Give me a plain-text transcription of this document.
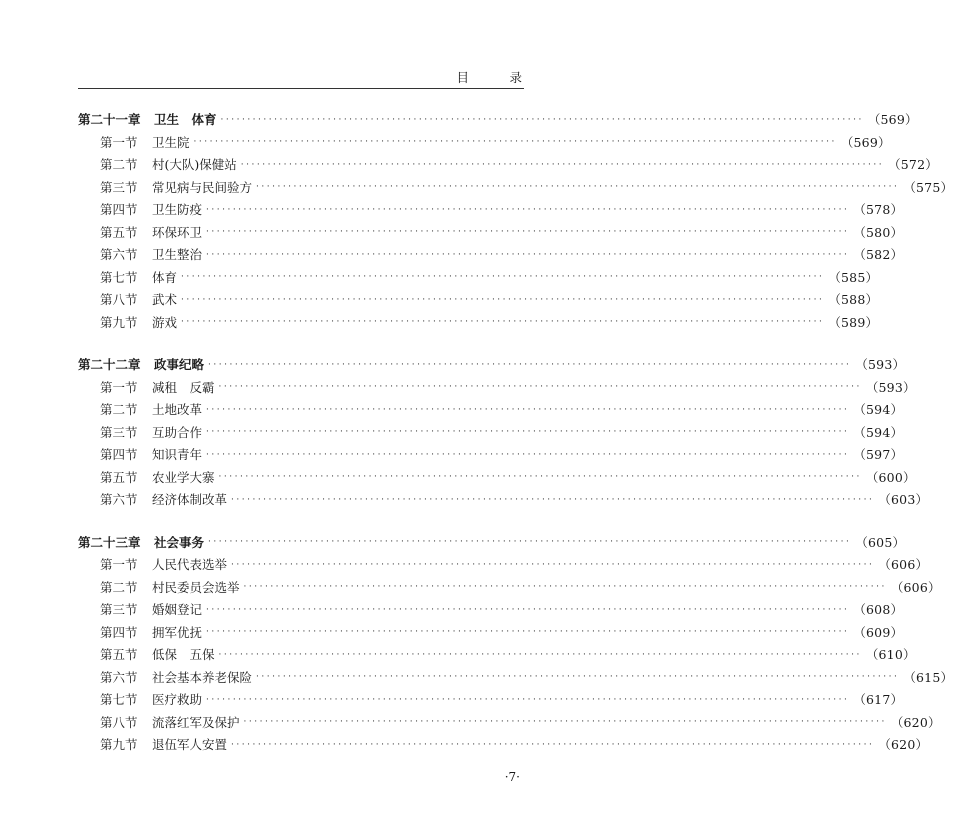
目　录
第二十一章	卫生　体育 ························································································································ （569）
第一节	卫生院 ························································································································ （569）
第二节	村(大队)保健站 ························································································································ （572）
第三节	常见病与民间验方 ························································································································ （575）
第四节	卫生防疫 ························································································································ （578）
第五节	环保环卫 ························································································································ （580）
第六节	卫生整治 ························································································································ （582）
第七节	体育 ························································································································ （585）
第八节	武术 ························································································································ （588）
第九节	游戏 ························································································································ （589）
第二十二章	政事纪略 ························································································································ （593）
第一节	减租　反霸 ························································································································ （593）
第二节	土地改革 ························································································································ （594）
第三节	互助合作 ························································································································ （594）
第四节	知识青年 ························································································································ （597）
第五节	农业学大寨 ························································································································ （600）
第六节	经济体制改革 ························································································································ （603）
第二十三章	社会事务 ························································································································ （605）
第一节	人民代表选举 ························································································································ （606）
第二节	村民委员会选举 ························································································································ （606）
第三节	婚姻登记 ························································································································ （608）
第四节	拥军优抚 ························································································································ （609）
第五节	低保　五保 ························································································································ （610）
第六节	社会基本养老保险 ························································································································ （615）
第七节	医疗救助 ························································································································ （617）
第八节	流落红军及保护 ························································································································ （620）
第九节	退伍军人安置 ························································································································ （620）
·7·
